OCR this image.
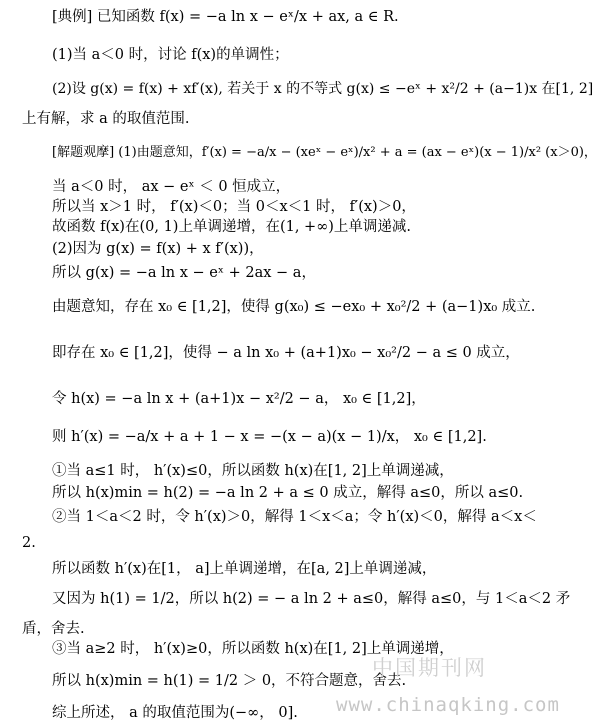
[典例] 已知函数 f(x) = −a ln x − eˣ/x + ax, a ∈ R.
(1)当 a＜0 时，讨论 f(x)的单调性；
(2)设 g(x) = f(x) + xf′(x), 若关于 x 的不等式 g(x) ≤ −eˣ + x²/2 + (a−1)x 在[1, 2]
上有解，求 a 的取值范围.
[解题观摩] (1)由题意知，f′(x) = −a/x − (xeˣ − eˣ)/x² + a = (ax − eˣ)(x − 1)/x² (x＞0)，
当 a＜0 时， ax − eˣ ＜ 0 恒成立，
所以当 x＞1 时， f′(x)＜0；当 0＜x＜1 时， f′(x)＞0，
故函数 f(x)在(0, 1)上单调递增，在(1, +∞)上单调递减.
(2)因为 g(x) = f(x) + x f′(x))，
所以 g(x) = −a ln x − eˣ + 2ax − a，
由题意知，存在 x₀ ∈ [1,2]，使得 g(x₀) ≤ −ex₀ + x₀²/2 + (a−1)x₀ 成立.
即存在 x₀ ∈ [1,2]，使得 − a ln x₀ + (a+1)x₀ − x₀²/2 − a ≤ 0 成立，
令 h(x) = −a ln x + (a+1)x − x²/2 − a， x₀ ∈ [1,2]，
则 h′(x) = −a/x + a + 1 − x = −(x − a)(x − 1)/x， x₀ ∈ [1,2].
①当 a≤1 时， h′(x)≤0，所以函数 h(x)在[1, 2]上单调递减，
所以 h(x)min = h(2) = −a ln 2 + a ≤ 0 成立，解得 a≤0，所以 a≤0.
②当 1＜a＜2 时，令 h′(x)＞0，解得 1＜x＜a；令 h′(x)＜0，解得 a＜x＜
2.
所以函数 h′(x)在[1， a]上单调递增，在[a, 2]上单调递减，
又因为 h(1) = 1/2，所以 h(2) = − a ln 2 + a≤0，解得 a≤0，与 1＜a＜2 矛
盾，舍去.
③当 a≥2 时， h′(x)≥0，所以函数 h(x)在[1, 2]上单调递增，
所以 h(x)min = h(1) = 1/2 ＞ 0，不符合题意，舍去.
综上所述， a 的取值范围为(−∞， 0].
中国期刊网
www.chinaqking.com
